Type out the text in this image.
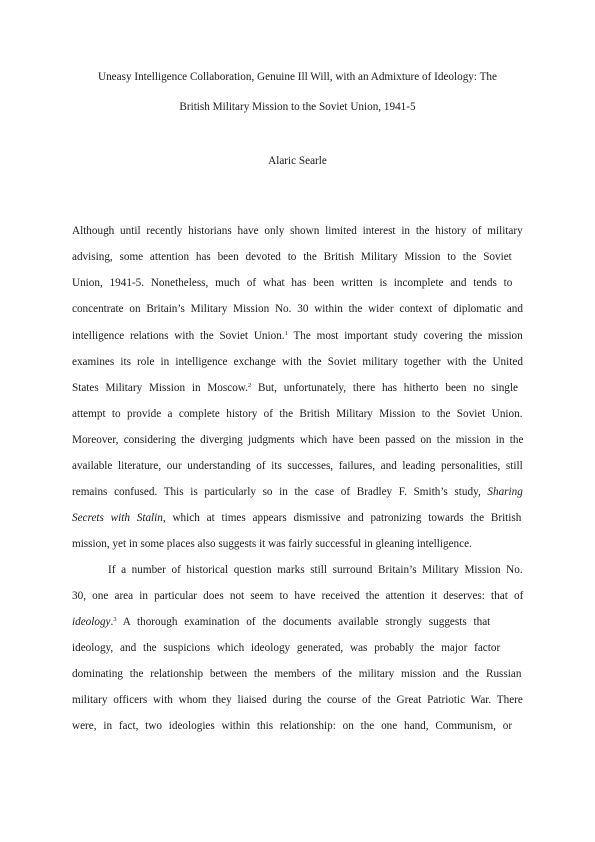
Uneasy Intelligence Collaboration, Genuine Ill Will, with an Admixture of Ideology: The
British Military Mission to the Soviet Union, 1941-5
Alaric Searle
Although until recently historians have only shown limited interest in the history of military
advising, some attention has been devoted to the British Military Mission to the Soviet
Union, 1941-5. Nonetheless, much of what has been written is incomplete and tends to
concentrate on Britain’s Military Mission No. 30 within the wider context of diplomatic and
intelligence relations with the Soviet Union.$^1$ The most important study covering the mission
examines its role in intelligence exchange with the Soviet military together with the United
States Military Mission in Moscow.$^2$ But, unfortunately, there has hitherto been no single
attempt to provide a complete history of the British Military Mission to the Soviet Union.
Moreover, considering the diverging judgments which have been passed on the mission in the
available literature, our understanding of its successes, failures, and leading personalities, still
remains confused. This is particularly so in the case of Bradley F. Smith’s study, Sharing
Secrets with Stalin, which at times appears dismissive and patronizing towards the British
mission, yet in some places also suggests it was fairly successful in gleaning intelligence.
If a number of historical question marks still surround Britain’s Military Mission No.
30, one area in particular does not seem to have received the attention it deserves: that of
ideology.$^3$ A thorough examination of the documents available strongly suggests that
ideology, and the suspicions which ideology generated, was probably the major factor
dominating the relationship between the members of the military mission and the Russian
military officers with whom they liaised during the course of the Great Patriotic War. There
were, in fact, two ideologies within this relationship: on the one hand, Communism, or
